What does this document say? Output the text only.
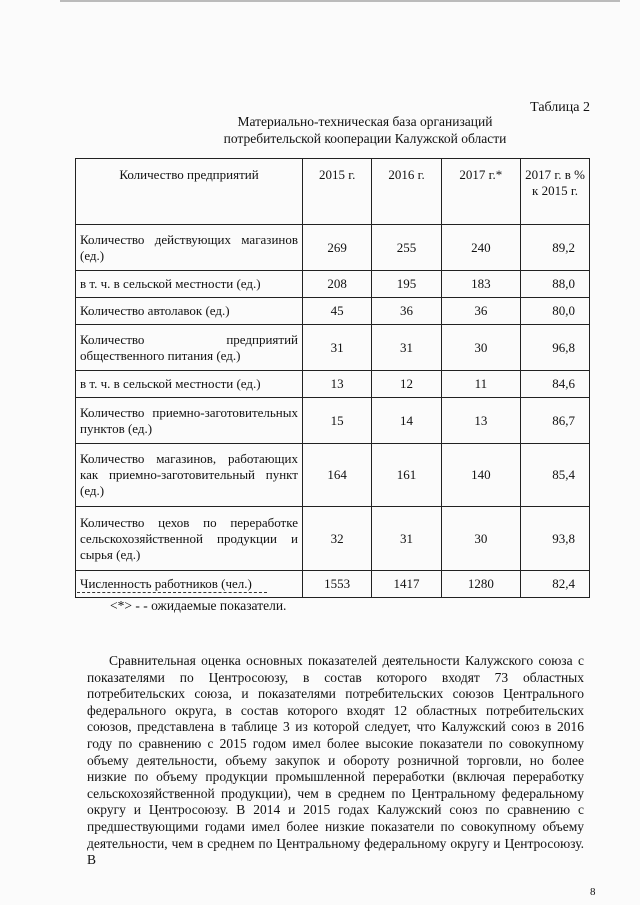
Таблица 2
Материально-техническая база организаций
потребительской кооперации Калужской области
Количество предприятий	2015 г.	2016 г.	2017 г.*	2017 г. в % к 2015 г.
Количество действующих магазинов (ед.)	269	255	240	89,2
в т. ч. в сельской местности (ед.)	208	195	183	88,0
Количество автолавок (ед.)	45	36	36	80,0
Количество предприятий общественного питания (ед.)	31	31	30	96,8
в т. ч. в сельской местности (ед.)	13	12	11	84,6
Количество приемно-заготовительных пунктов (ед.)	15	14	13	86,7
Количество магазинов, работающих как приемно-заготовительный пункт (ед.)	164	161	140	85,4
Количество цехов по переработке сельскохозяйственной продукции и сырья (ед.)	32	31	30	93,8
Численность работников (чел.)	1553	1417	1280	82,4
<*> - - ожидаемые показатели.
Сравнительная оценка основных показателей деятельности Калужского союза с показателями по Центросоюзу, в состав которого входят 73 областных потребительских союза, и показателями потребительских союзов Центрального федерального округа, в состав которого входят 12 областных потребительских союзов, представлена в таблице 3 из которой следует, что Калужский союз в 2016 году по сравнению с 2015 годом имел более высокие показатели по совокупному объему деятельности, объему закупок и обороту розничной торговли, но более низкие по объему продукции промышленной переработки (включая переработку сельскохозяйственной продукции), чем в среднем по Центральному федеральному округу и Центросоюзу. В 2014 и 2015 годах Калужский союз по сравнению с предшествующими годами имел более низкие показатели по совокупному объему деятельности, чем в среднем по Центральному федеральному округу и Центросоюзу. В
8
